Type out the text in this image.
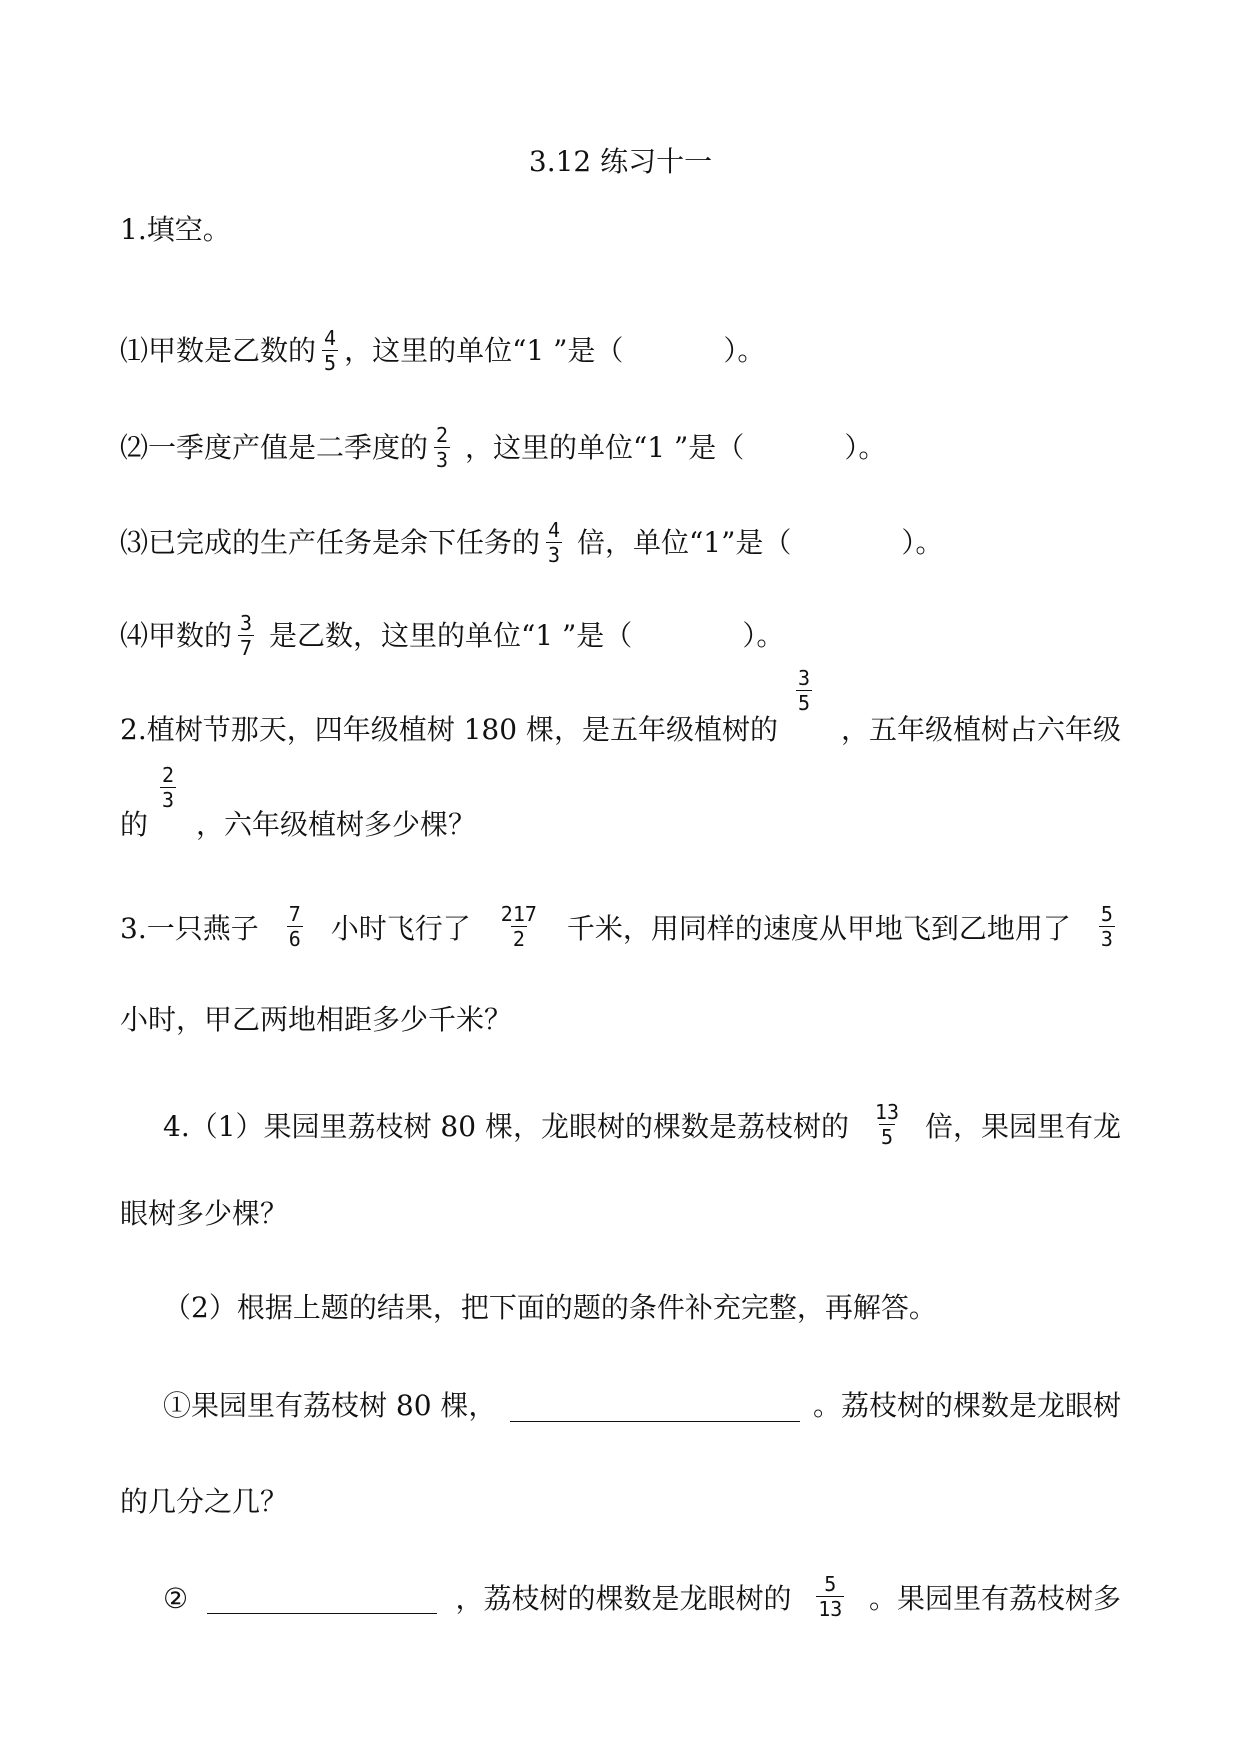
3.12 练习十一
1.填空。
⑴甲数是乙数的 $\frac{4}{5}$ ，这里的单位“1 ”是（	）。
⑵一季度产值是二季度的 $\frac{2}{3}$ ，这里的单位“1 ”是（	）。
⑶已完成的生产任务是余下任务的 $\frac{4}{3}$ 倍，单位“1”是（	）。
⑷甲数的 $\frac{3}{7}$ 是乙数，这里的单位“1 ”是（	）。
$\frac{3}{5}$
2.植树节那天，四年级植树 180 棵，是五年级植树的 ，五年级植树占六年级
$\frac{2}{3}$
的 ，六年级植树多少棵？
3.一只燕子 $\frac{7}{6}$ 小时飞行了 $\frac{217}{2}$ 千米，用同样的速度从甲地飞到乙地用了 $\frac{5}{3}$
小时，甲乙两地相距多少千米？
4.（1）果园里荔枝树 80 棵，龙眼树的棵数是荔枝树的 $\frac{13}{5}$ 倍，果园里有龙
眼树多少棵？
（2）根据上题的结果，把下面的题的条件补充完整，再解答。
①果园里有荔枝树 80 棵，	。荔枝树的棵数是龙眼树
的几分之几？
②	，荔枝树的棵数是龙眼树的 $\frac{5}{13}$ 。果园里有荔枝树多
